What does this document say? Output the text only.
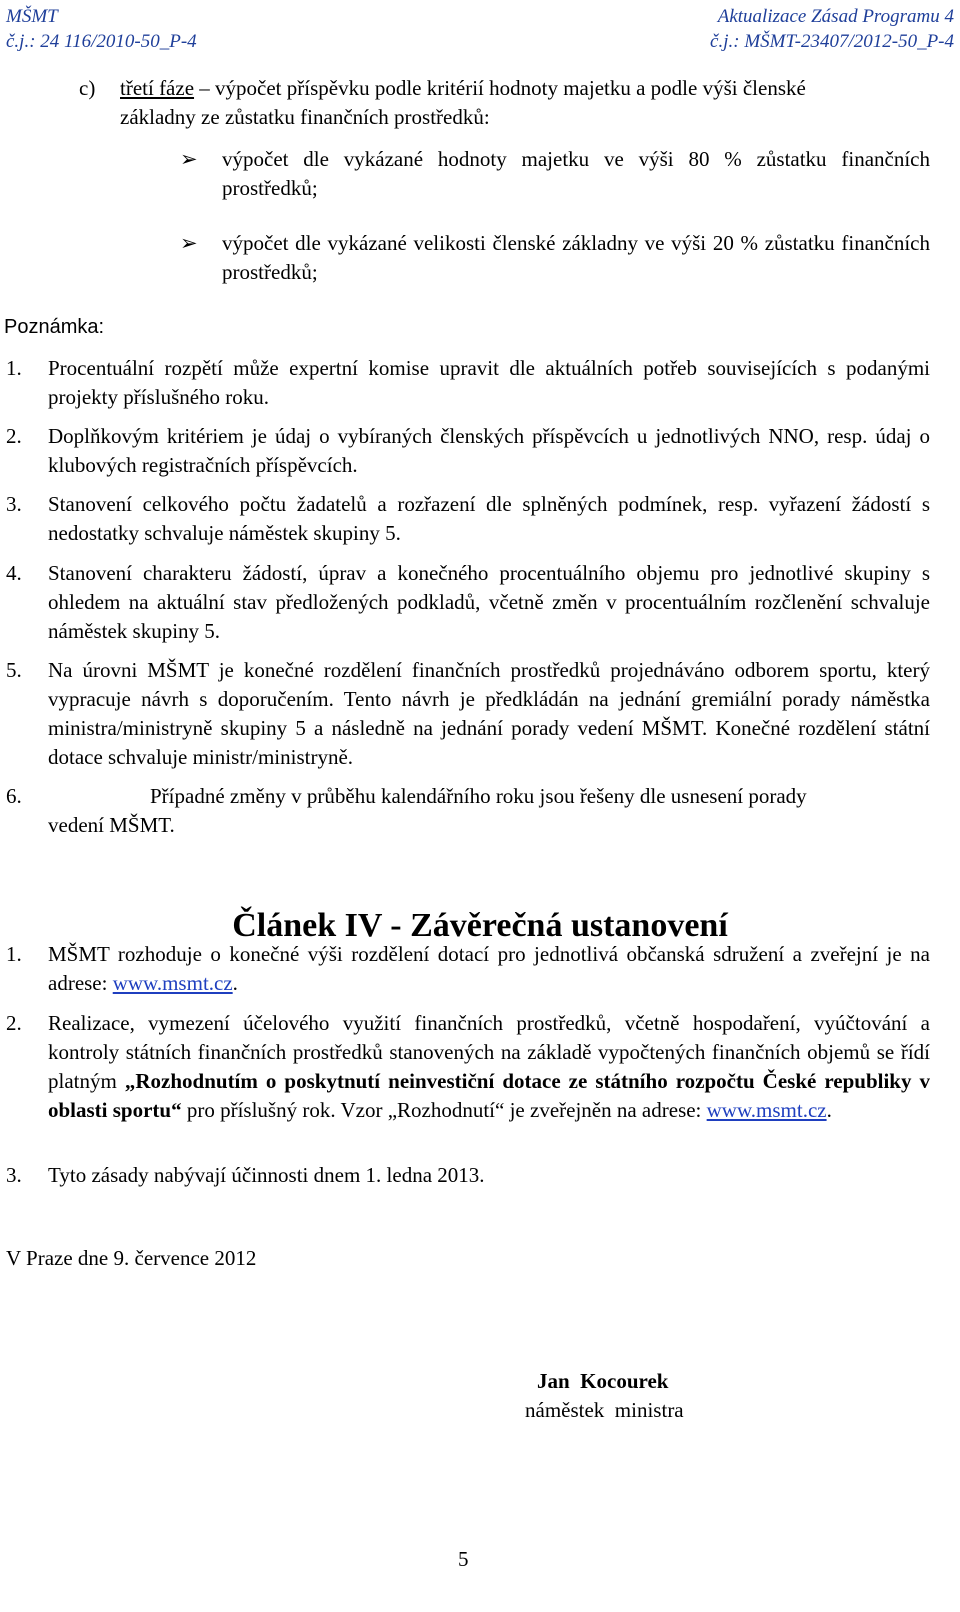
MŠMT
č.j.: 24 116/2010-50_P-4
Aktualizace Zásad Programu 4
č.j.: MŠMT-23407/2012-50_P-4
c) třetí fáze – výpočet příspěvku podle kritérií hodnoty majetku a podle výši členské
základny ze zůstatku finančních prostředků:
➢ výpočet dle vykázané hodnoty majetku ve výši 80 % zůstatku finančních prostředků;
➢ výpočet dle vykázané velikosti členské základny ve výši 20 % zůstatku finančních prostředků;
Poznámka:
1. Procentuální rozpětí může expertní komise upravit dle aktuálních potřeb souvisejících s podanými projekty příslušného roku.
2. Doplňkovým kritériem je údaj o vybíraných členských příspěvcích u jednotlivých NNO, resp. údaj o klubových registračních příspěvcích.
3. Stanovení celkového počtu žadatelů a rozřazení dle splněných podmínek, resp. vyřazení žádostí s nedostatky schvaluje náměstek skupiny 5.
4. Stanovení charakteru žádostí, úprav a konečného procentuálního objemu pro jednotlivé skupiny s ohledem na aktuální stav předložených podkladů, včetně změn v procentuálním rozčlenění schvaluje náměstek skupiny 5.
5. Na úrovni MŠMT je konečné rozdělení finančních prostředků projednáváno odborem sportu, který vypracuje návrh s doporučením. Tento návrh je předkládán na jednání gremiální porady náměstka ministra/ministryně skupiny 5 a následně na jednání porady vedení MŠMT. Konečné rozdělení státní dotace schvaluje ministr/ministryně.
6.	Případné změny v průběhu kalendářního roku jsou řešeny dle usnesení porady
vedení MŠMT.
Článek IV - Závěrečná ustanovení
1. MŠMT rozhoduje o konečné výši rozdělení dotací pro jednotlivá občanská sdružení a zveřejní je na adrese: www.msmt.cz.
2. Realizace, vymezení účelového využití finančních prostředků, včetně hospodaření, vyúčtování a kontroly státních finančních prostředků stanovených na základě vypočtených finančních objemů se řídí platným „Rozhodnutím o poskytnutí neinvestiční dotace ze státního rozpočtu České republiky v oblasti sportu“ pro příslušný rok. Vzor „Rozhodnutí“ je zveřejněn na adrese: www.msmt.cz.
3. Tyto zásady nabývají účinnosti dnem 1. ledna 2013.
V Praze dne 9. července 2012
Jan  Kocourek
náměstek  ministra
5
